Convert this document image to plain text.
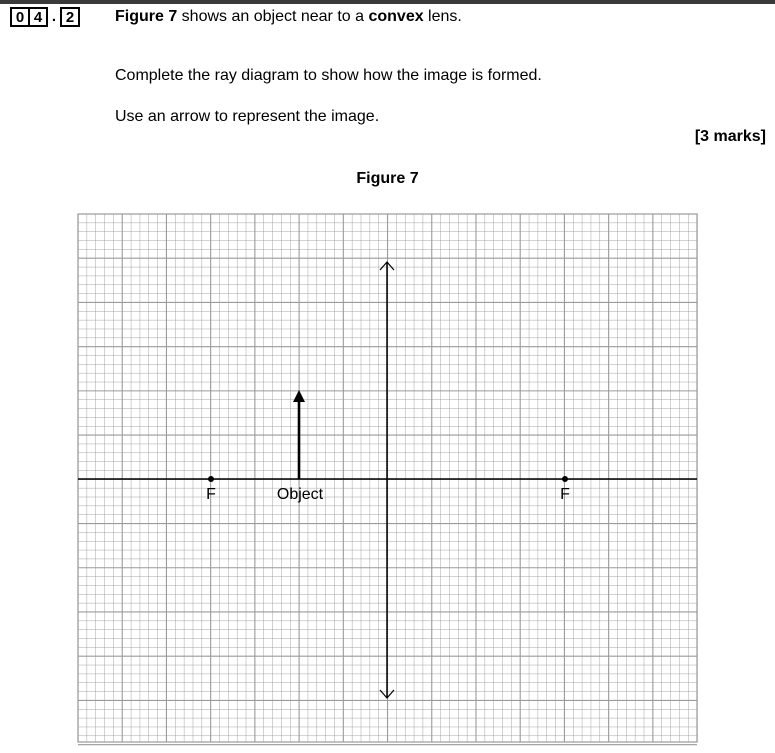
0 4 . 2	Figure 7 shows an object near to a convex lens.
Complete the ray diagram to show how the image is formed.
Use an arrow to represent the image.
[3 marks]
Figure 7
F	Object	F
